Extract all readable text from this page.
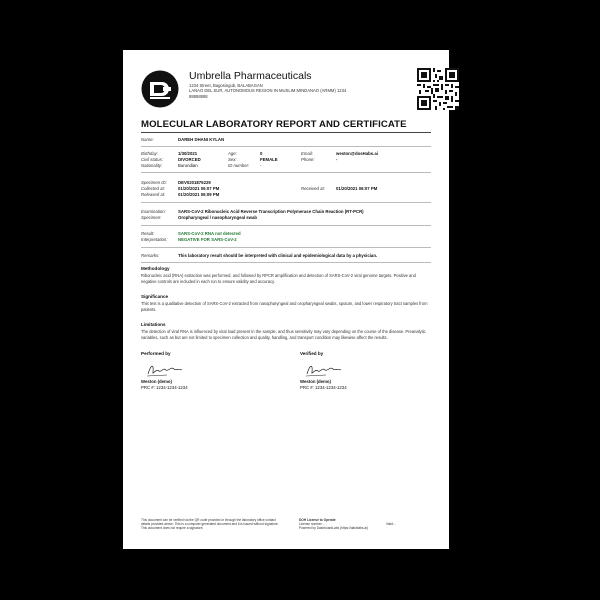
Umbrella Pharmaceuticals
1234 Street, Bagosingub, BALABAGAN
LANAO DEL SUR, AUTONOMOUS REGION IN MUSLIM MINDANAO (ARMM) 1234
88888888
MOLECULAR LABORATORY REPORT AND CERTIFICATE
Name:	DAREH DHANI KYLAN
Birthday:	1/30/2021	Age:	0	Email:	weston@dosHabs.ai
Civil status:	DIVORCED	Sex:	FEMALE	Phone:	-
Nationality:	Burundian	ID number: -
Specimen ID:	DEV0201875229
Collected at:	01/20/2021 06:07 PM	Received at:	01/20/2021 06:07 PM
Released at:	01/20/2021 06:09 PM
Examination:	SARS-CoV-2 Ribonucleic Acid Reverse Transcription Polymerase Chain Reaction (RT-PCR)
Specimen:	Oropharyngeal / nasopharyngeal swab
Result:	SARS-CoV-2 RNA not detected
Interpretation: NEGATIVE FOR SARS-CoV-2
Remarks:	This laboratory result should be interpreted with clinical and epidemiological data by a physician.
Methodology
Ribonucleic acid (RNA) extraction was performed, and followed by RPCR amplification and detection of SARS-CoV-2 viral genome targets. Positive and negative controls are included in each run to ensure validity and accuracy.
Significance
This test is a qualitative detection of SARS-CoV-2 extracted from nasopharyngeal and oropharyngeal swabs, sputum, and lower respiratory tract samples from patients.
Limitations
The detection of viral RNA is influenced by viral load present in the sample, and thus sensitivity may vary depending on the course of the disease. Preanalytic variables, such as but are not limited to specimen collection and quality, handling, and transport condition may likewise affect the results.
Performed by
Weston (demo)
PRC #: 1234-1234-1234
Verified by
Weston (demo)
PRC #: 1234-1234-1234
This document can be verified via the QR code provided or through the laboratory office contact details provided above. This is a computer generated document and it is issued without signature. This document does not require a signature.
DOH License to Operate
License number: -
Powered by DashboardLabs (https://dashlabs.ai)
Valid: -
